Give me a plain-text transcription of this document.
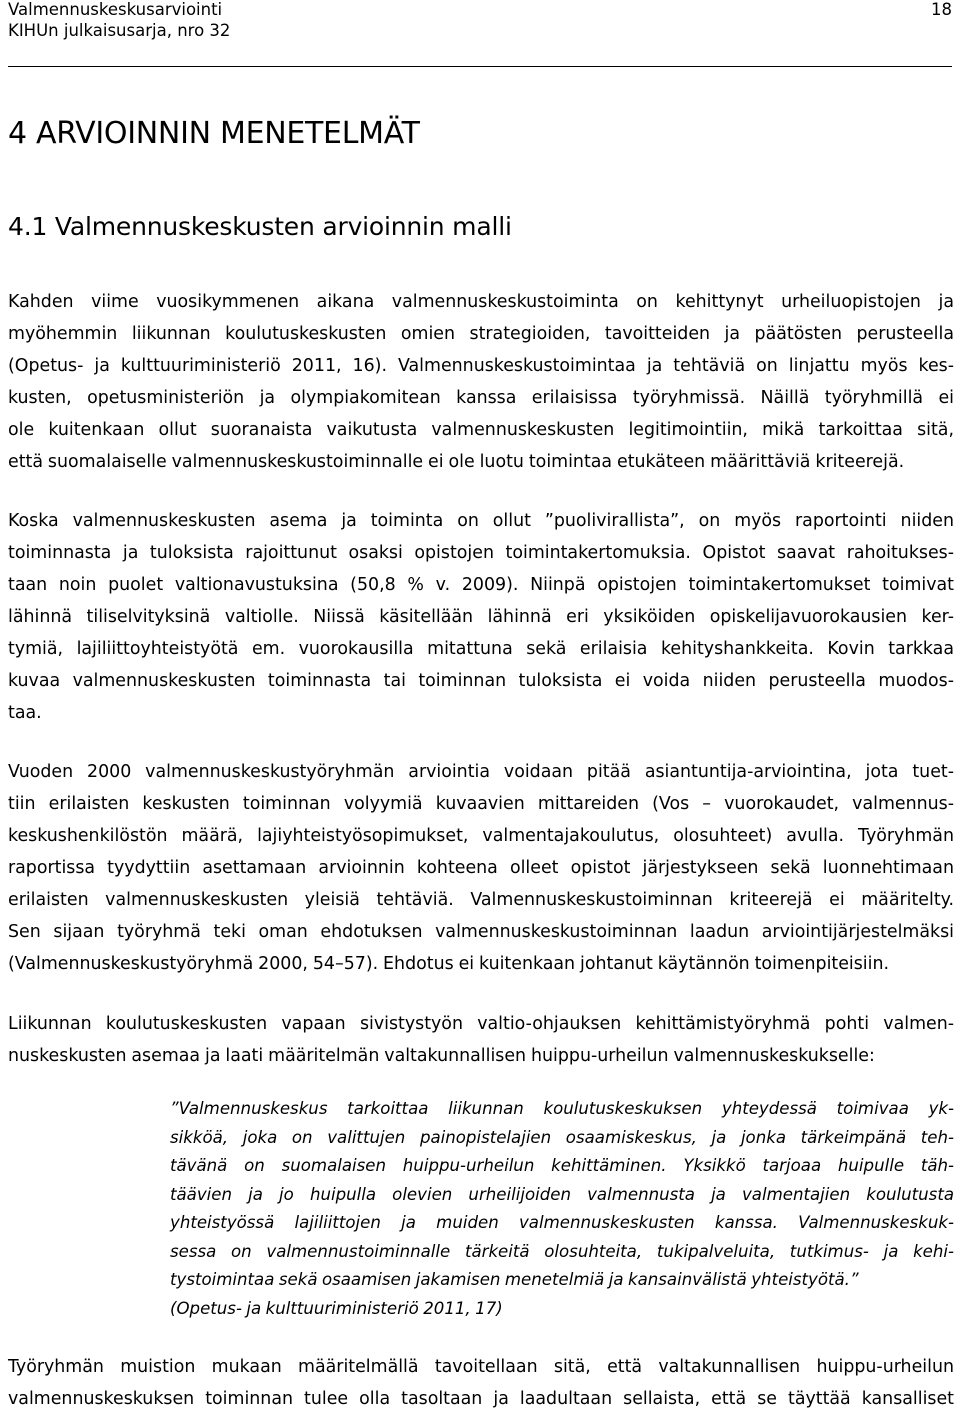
Valmennuskeskusarviointi
KIHUn julkaisusarja, nro 32
18
4 ARVIOINNIN MENETELMÄT
4.1 Valmennuskeskusten arvioinnin malli
Kahden viime vuosikymmenen aikana valmennuskeskustoiminta on kehittynyt urheiluopistojen ja
myöhemmin liikunnan koulutuskeskusten omien strategioiden, tavoitteiden ja päätösten perusteella
(Opetus- ja kulttuuriministeriö 2011, 16). Valmennuskeskustoimintaa ja tehtäviä on linjattu myös kes-
kusten, opetusministeriön ja olympiakomitean kanssa erilaisissa työryhmissä. Näillä työryhmillä ei
ole kuitenkaan ollut suoranaista vaikutusta valmennuskeskusten legitimointiin, mikä tarkoittaa sitä,
että suomalaiselle valmennuskeskustoiminnalle ei ole luotu toimintaa etukäteen määrittäviä kriteerejä.
Koska valmennuskeskusten asema ja toiminta on ollut ”puolivirallista”, on myös raportointi niiden
toiminnasta ja tuloksista rajoittunut osaksi opistojen toimintakertomuksia. Opistot saavat rahoitukses-
taan noin puolet valtionavustuksina (50,8 % v. 2009). Niinpä opistojen toimintakertomukset toimivat
lähinnä tiliselvityksinä valtiolle. Niissä käsitellään lähinnä eri yksiköiden opiskelijavuorokausien ker-
tymiä, lajiliittoyhteistyötä em. vuorokausilla mitattuna sekä erilaisia kehityshankkeita. Kovin tarkkaa
kuvaa valmennuskeskusten toiminnasta tai toiminnan tuloksista ei voida niiden perusteella muodos-
taa.
Vuoden 2000 valmennuskeskustyöryhmän arviointia voidaan pitää asiantuntija-arviointina, jota tuet-
tiin erilaisten keskusten toiminnan volyymiä kuvaavien mittareiden (Vos – vuorokaudet, valmennus-
keskushenkilöstön määrä, lajiyhteistyösopimukset, valmentajakoulutus, olosuhteet) avulla. Työryhmän
raportissa tyydyttiin asettamaan arvioinnin kohteena olleet opistot järjestykseen sekä luonnehtimaan
erilaisten valmennuskeskusten yleisiä tehtäviä. Valmennuskeskustoiminnan kriteerejä ei määritelty.
Sen sijaan työryhmä teki oman ehdotuksen valmennuskeskustoiminnan laadun arviointijärjestelmäksi
(Valmennuskeskustyöryhmä 2000, 54–57). Ehdotus ei kuitenkaan johtanut käytännön toimenpiteisiin.
Liikunnan koulutuskeskusten vapaan sivistystyön valtio-ohjauksen kehittämistyöryhmä pohti valmen-
nuskeskusten asemaa ja laati määritelmän valtakunnallisen huippu-urheilun valmennuskeskukselle:
”Valmennuskeskus tarkoittaa liikunnan koulutuskeskuksen yhteydessä toimivaa yk-
sikköä, joka on valittujen painopistelajien osaamiskeskus, ja jonka tärkeimpänä teh-
tävänä on suomalaisen huippu-urheilun kehittäminen. Yksikkö tarjoaa huipulle täh-
täävien ja jo huipulla olevien urheilijoiden valmennusta ja valmentajien koulutusta
yhteistyössä lajiliittojen ja muiden valmennuskeskusten kanssa. Valmennuskeskuk-
sessa on valmennustoiminnalle tärkeitä olosuhteita, tukipalveluita, tutkimus- ja kehi-
tystoimintaa sekä osaamisen jakamisen menetelmiä ja kansainvälistä yhteistyötä.”
(Opetus- ja kulttuuriministeriö 2011, 17)
Työryhmän muistion mukaan määritelmällä tavoitellaan sitä, että valtakunnallisen huippu-urheilun
valmennuskeskuksen toiminnan tulee olla tasoltaan ja laadultaan sellaista, että se täyttää kansalliset
